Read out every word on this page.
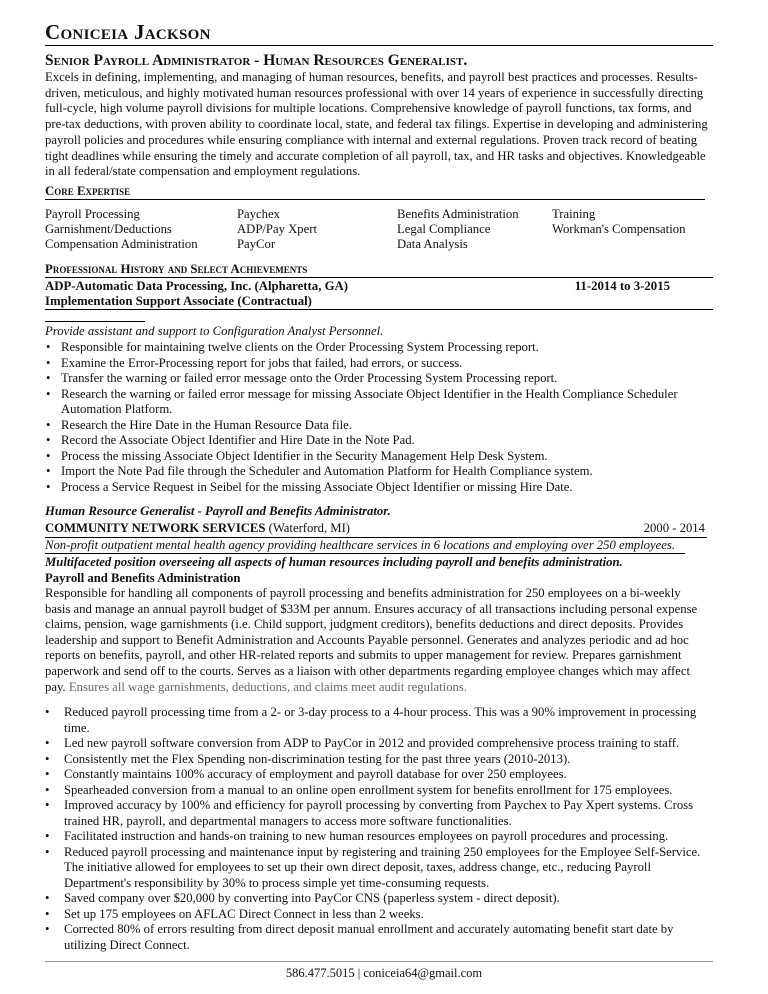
Coniceia Jackson
Senior Payroll Administrator - Human Resources Generalist.
Excels in defining, implementing, and managing of human resources, benefits, and payroll best practices and processes. Results-driven, meticulous, and highly motivated human resources professional with over 14 years of experience in successfully directing full-cycle, high volume payroll divisions for multiple locations. Comprehensive knowledge of payroll functions, tax forms, and pre-tax deductions, with proven ability to coordinate local, state, and federal tax filings. Expertise in developing and administering payroll policies and procedures while ensuring compliance with internal and external regulations. Proven track record of beating tight deadlines while ensuring the timely and accurate completion of all payroll, tax, and HR tasks and objectives. Knowledgeable in all federal/state compensation and employment regulations.
Core Expertise
Payroll Processing
Garnishment/Deductions
Compensation Administration
Paychex
ADP/Pay Xpert
PayCor
Benefits Administration
Legal Compliance
Data Analysis
Training
Workman's Compensation
Professional History and Select Achievements
ADP-Automatic Data Processing, Inc. (Alpharetta, GA)	11-2014 to 3-2015
Implementation Support Associate (Contractual)
Provide assistant and support to Configuration Analyst Personnel.
• Responsible for maintaining twelve clients on the Order Processing System Processing report.
• Examine the Error-Processing report for jobs that failed, had errors, or success.
• Transfer the warning or failed error message onto the Order Processing System Processing report.
• Research the warning or failed error message for missing Associate Object Identifier in the Health Compliance Scheduler Automation Platform.
• Research the Hire Date in the Human Resource Data file.
• Record the Associate Object Identifier and Hire Date in the Note Pad.
• Process the missing Associate Object Identifier in the Security Management Help Desk System.
• Import the Note Pad file through the Scheduler and Automation Platform for Health Compliance system.
• Process a Service Request in Seibel for the missing Associate Object Identifier or missing Hire Date.
Human Resource Generalist - Payroll and Benefits Administrator.
COMMUNITY NETWORK SERVICES (Waterford, MI)	2000 - 2014
Non-profit outpatient mental health agency providing healthcare services in 6 locations and employing over 250 employees.
Multifaceted position overseeing all aspects of human resources including payroll and benefits administration.
Payroll and Benefits Administration
Responsible for handling all components of payroll processing and benefits administration for 250 employees on a bi-weekly basis and manage an annual payroll budget of $33M per annum. Ensures accuracy of all transactions including personal expense claims, pension, wage garnishments (i.e. Child support, judgment creditors), benefits deductions and direct deposits. Provides leadership and support to Benefit Administration and Accounts Payable personnel. Generates and analyzes periodic and ad hoc reports on benefits, payroll, and other HR-related reports and submits to upper management for review. Prepares garnishment paperwork and send off to the courts. Serves as a liaison with other departments regarding employee changes which may affect pay. Ensures all wage garnishments, deductions, and claims meet audit regulations.
• Reduced payroll processing time from a 2- or 3-day process to a 4-hour process. This was a 90% improvement in processing time.
• Led new payroll software conversion from ADP to PayCor in 2012 and provided comprehensive process training to staff.
• Consistently met the Flex Spending non-discrimination testing for the past three years (2010-2013).
• Constantly maintains 100% accuracy of employment and payroll database for over 250 employees.
• Spearheaded conversion from a manual to an online open enrollment system for benefits enrollment for 175 employees.
• Improved accuracy by 100% and efficiency for payroll processing by converting from Paychex to Pay Xpert systems. Cross trained HR, payroll, and departmental managers to access more software functionalities.
• Facilitated instruction and hands-on training to new human resources employees on payroll procedures and processing.
• Reduced payroll processing and maintenance input by registering and training 250 employees for the Employee Self-Service. The initiative allowed for employees to set up their own direct deposit, taxes, address change, etc., reducing Payroll Department's responsibility by 30% to process simple yet time-consuming requests.
• Saved company over $20,000 by converting into PayCor CNS (paperless system - direct deposit).
• Set up 175 employees on AFLAC Direct Connect in less than 2 weeks.
• Corrected 80% of errors resulting from direct deposit manual enrollment and accurately automating benefit start date by utilizing Direct Connect.
586.477.5015 | coniceia64@gmail.com
